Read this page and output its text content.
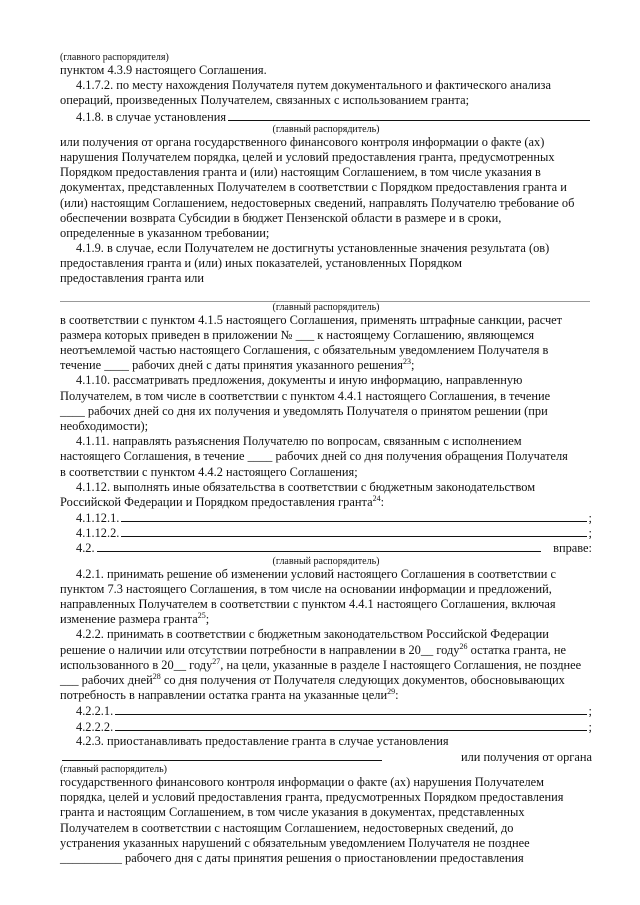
(главного распорядителя)
пунктом 4.3.9 настоящего Соглашения.
4.1.7.2. по месту нахождения Получателя путем документального и фактического анализа
операций, произведенных Получателем, связанных с использованием гранта;
4.1.8. в случае установления
(главный распорядитель)
или получения от органа государственного финансового контроля информации о факте (ах)
нарушения Получателем порядка, целей и условий предоставления гранта, предусмотренных
Порядком предоставления гранта и (или) настоящим Соглашением, в том числе указания в
документах, представленных Получателем в соответствии с Порядком предоставления гранта и
(или) настоящим Соглашением, недостоверных сведений, направлять Получателю требование об
обеспечении возврата Субсидии в бюджет Пензенской области в размере и в сроки,
определенные в указанном требовании;
4.1.9. в случае, если Получателем не достигнуты установленные значения результата (ов)
предоставления гранта и (или) иных показателей, установленных Порядком
предоставления гранта или
(главный распорядитель)
в соответствии с пунктом 4.1.5 настоящего Соглашения, применять штрафные санкции, расчет
размера которых приведен в приложении № ___ к настоящему Соглашению, являющемся
неотъемлемой частью настоящего Соглашения, с обязательным уведомлением Получателя в
течение ____ рабочих дней с даты принятия указанного решения$^{23}$;
4.1.10. рассматривать предложения, документы и иную информацию, направленную
Получателем, в том числе в соответствии с пунктом 4.4.1 настоящего Соглашения, в течение
____ рабочих дней со дня их получения и уведомлять Получателя о принятом решении (при
необходимости);
4.1.11. направлять разъяснения Получателю по вопросам, связанным с исполнением
настоящего Соглашения, в течение ____ рабочих дней со дня получения обращения Получателя
в соответствии с пунктом 4.4.2 настоящего Соглашения;
4.1.12. выполнять иные обязательства в соответствии с бюджетным законодательством
Российской Федерации и Порядком предоставления гранта$^{24}$:
4.1.12.1.	;
4.1.12.2.	;
4.2.	вправе:
(главный распорядитель)
4.2.1. принимать решение об изменении условий настоящего Соглашения в соответствии с
пунктом 7.3 настоящего Соглашения, в том числе на основании информации и предложений,
направленных Получателем в соответствии с пунктом 4.4.1 настоящего Соглашения, включая
изменение размера гранта$^{25}$;
4.2.2. принимать в соответствии с бюджетным законодательством Российской Федерации
решение о наличии или отсутствии потребности в направлении в 20__ году$^{26}$ остатка гранта, не
использованного в 20__ году$^{27}$, на цели, указанные в разделе I настоящего Соглашения, не позднее
___ рабочих дней$^{28}$ со дня получения от Получателя следующих документов, обосновывающих
потребность в направлении остатка гранта на указанные цели$^{29}$:
4.2.2.1.	;
4.2.2.2.	;
4.2.3. приостанавливать предоставление гранта в случае установления
или получения от органа
(главный распорядитель)
государственного финансового контроля информации о факте (ах) нарушения Получателем
порядка, целей и условий предоставления гранта, предусмотренных Порядком предоставления
гранта и настоящим Соглашением, в том числе указания в документах, представленных
Получателем в соответствии с настоящим Соглашением, недостоверных сведений, до
устранения указанных нарушений с обязательным уведомлением Получателя не позднее
__________ рабочего дня с даты принятия решения о приостановлении предоставления
